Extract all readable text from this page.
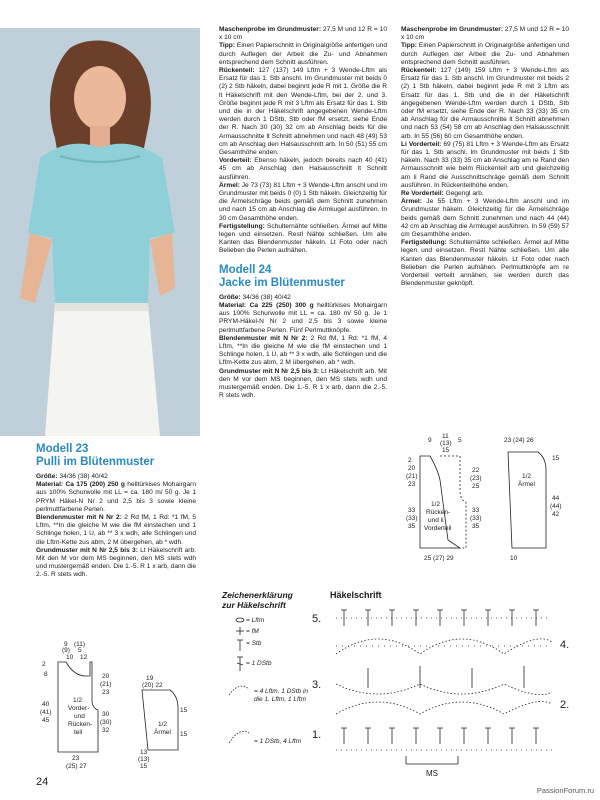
Modell 23
Pulli im Blütenmuster

Größe: 34/36 (38) 40/42

Material: Ca 175 (200) 250 g helltürkises Mohairgarn aus 100% Schurwolle mit LL = ca. 180 m/ 50 g. Je 1 PRYM Häkel-N Nr 2 und 2,5 bis 3 sowie kleine perlmuttfarbene Perlen.

Blendenmuster mit N Nr 2: 2 Rd fM, 1 Rd: *1 fM, 5 Lftm, **In die gleiche M wie die fM einstechen und 1 Schlinge holen, 1 U, ab ** 3 x wdh, alle Schlingen und die Lftm-Kette zus abm, 2 M übergehen, ab * wdh.

Grundmuster mit N Nr 2,5 bis 3: Lt Häkelschrift arb. Mit den M vor dem MS beginnen, den MS stets wdh und mustergemäß enden. Die 1.-5. R 1 x arb, dann die 2.-5. R stets wdh.

Maschenprobe im Grundmuster: 27,5 M und 12 R = 10 x 10 cm

Tipp: Einen Papierschnitt in Originalgröße anfertigen und durch Auflegen der Arbeit die Zu- und Abnahmen entsprechend dem Schnitt ausführen.

Rückenteil: 127 (137) 149 Lftm + 3 Wende-Lftm als Ersatz für das 1. Stb anschl. Im Grundmuster mit beids 0 (2) 2 Stb häkeln, dabei beginnt jede R mit 1. Größe die R lt Häkelschrift mit den Wende-Lftm, bei der 2. und 3. Größe beginnt jede R mit 3 Lftm als Ersatz für das 1. Stb und die in der Häkelschrift angegebenen Wende-Lftm werden durch 1 DStb, Stb oder fM ersetzt, siehe Ende der R. Nach 30 (30) 32 cm ab Anschlag beids für die Armausschnitte lt Schnitt abnehmen und nach 48 (49) 53 cm ab Anschlag den Halsausschnitt arb. In 50 (51) 55 cm Gesamthöhe enden.

Vorderteil: Ebenso häkeln, jedoch bereits nach 40 (41) 45 cm ab Anschlag den Halsausschnitt lt Schnitt ausführen.

Ärmel: Je 73 (73) 81 Lftm + 3 Wende-Lftm anschl und im Grundmuster mit beids 0 (0) 1 Stb häkeln. Gleichzeitig für die Ärmelschräge beids gemäß dem Schnitt zunehmen und nach 15 cm ab Anschlag die Armkugel ausführen. In 30 cm Gesamthöhe enden.

Fertigstellung: Schulternähte schließen. Ärmel auf Mitte legen und einsetzen. Restl Nähte schließen. Um alle Kanten das Blendenmuster häkeln. Lt Foto oder nach Belieben die Perlen aufnähen.

Modell 24
Jacke im Blütenmuster

Größe: 34/36 (38) 40/42

Material: Ca 225 (250) 300 g helltürkises Mohairgarn aus 100% Schurwolle mit LL = ca. 180 m/ 50 g. Je 1 PRYM-Häkel-N Nr 2 und 2,5 bis 3 sowie kleine perlmuttfarbene Perlen. Fünf Perlmuttknöpfe.

Blendenmuster mit N Nr 2: 2 Rd fM, 1 Rd: *1 fM, 4 Lftm, **In die gleiche M wie die fM einstechen und 1 Schlinge holen, 1 U, ab ** 3 x wdh, alle Schlingen und die Lftm-Kette zus abm, 2 M übergehen, ab * wdh.

Grundmuster mit N Nr 2,5 bis 3: Lt Häkelschrift arb. Mit den M vor dem MS beginnen, den MS stets wdh und mustergemäß enden. Die 1.-5. R 1 x arb, dann die 2.-5. R stets wdh.

Maschenprobe im Grundmuster: 27,5 M und 12 R = 10 x 10 cm

Tipp: Einen Papierschnitt in Originalgröße anfertigen und durch Auflegen der Arbeit die Zu- und Abnahmen entsprechend dem Schnitt ausführen.

Rückenteil: 127 (149) 159 Lftm + 3 Wende-Lftm als Ersatz für das 1. Stb anschl. Im Grundmuster mit beids 2 (2) 1 Stb häkeln, dabei beginnt jede R mit 3 Lftm als Ersatz für das 1. Stb und die in der Häkelschrift angegebenen Wende-Lftm werden durch 1 DStb, Stb oder fM ersetzt, siehe Ende der R. Nach 33 (33) 35 cm ab Anschlag für die Armausschnitte lt Schnitt abnehmen und nach 53 (54) 58 cm ab Anschlag den Halsausschnitt arb. In 55 (56) 60 cm Gesamthöhe enden.

Li Vorderteil: 69 (75) 81 Lftm + 3 Wende-Lftm als Ersatz für das 1. Stb anschl. Im Grundmuster mit beids 1 Stb häkeln. Nach 33 (33) 35 cm ab Anschlag am re Rand den Armausschnitt wie beim Rückenteil arb und gleichzeitig am li Rand die Ausschnittschräge gemäß dem Schnitt ausführen. In Rückenteilhöhe enden.

Re Vorderteil: Gegengl arb.

Ärmel: Je 55 Lftm + 3 Wende-Lftm anschl und im Grundmuster häkeln. Gleichzeitig für die Ärmelschräge beids gemäß dem Schnitt zunehmen und nach 44 (44) 42 cm ab Anschlag die Armkugel ausführen. In 59 (59) 57 cm Gesamthöhe enden.

Fertigstellung: Schulternähte schließen. Ärmel auf Mitte legen und einsetzen. Restl Nähte schließen. Um alle Kanten das Blendenmuster häkeln. Lt Foto oder nach Belieben die Perlen aufnähen. Perlmuttknöpfe am re Vorderteil verteilt annähen, sie werden durch das Blendenmuster geknöpft.

1/2
Vorder-
und
Rücken-
teil
1/2
Ärmel
9
(9)
(11)
5
10 12
2
8
40
(41)
45
20
(21)
23
30
(30)
32
23
(25) 27
19
(20) 22
15
15
13
(13)
15
1/2
Rücken-
und li
Vorderteil
1/2
Ärmel
9
11
(13)
15
5
2
20
(21)
23
33
(33)
35
22
(23)
25
33
(33)
35
25 (27) 29
23 (24) 26
44
(44)
42
15
10
Zeichenerklärung
zur Häkelschrift
= Lftm
= fM
= Stb
= 1 DStb
= 4 Lftm, 1 DStb in die 1. Lftm, 1 Lftm
= 1 DStb, 4 Lftm
Häkelschrift
5.
4.
3.
2.
1.
MS
24
PassionForum.ru
